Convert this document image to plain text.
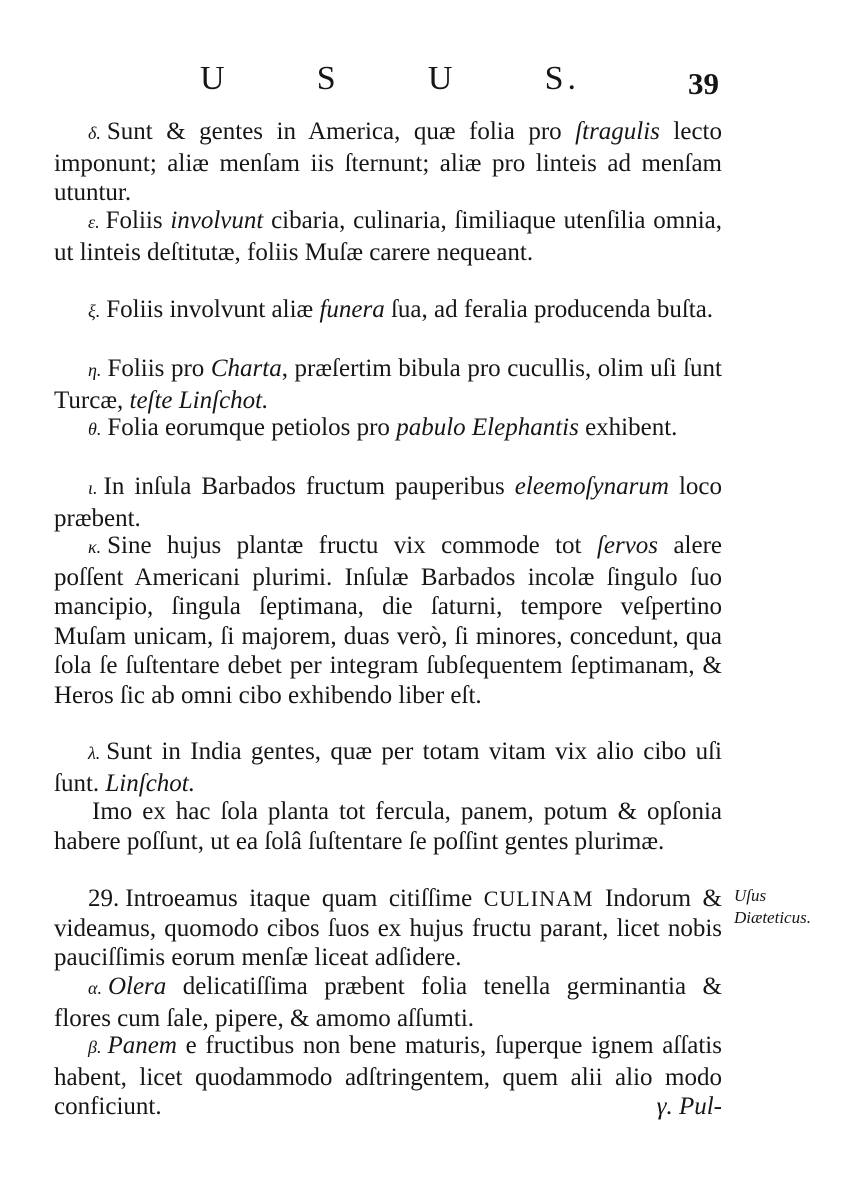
U	S	U	S.	39
δ. Sunt & gentes in America, quæ folia pro ſtragulis lecto imponunt; aliæ menſam iis ſternunt; aliæ pro linteis ad menſam utuntur.
ε. Foliis involvunt cibaria, culinaria, ſimiliaque utenſilia omnia, ut linteis deſtitutæ, foliis Muſæ carere nequeant.
ξ. Foliis involvunt aliæ funera ſua, ad feralia producenda buſta.
η. Foliis pro Charta, præſertim bibula pro cucullis, olim uſi ſunt Turcæ, teſte Linſchot.
θ. Folia eorumque petiolos pro pabulo Elephantis exhibent.
ι. In inſula Barbados fructum pauperibus eleemoſynarum loco præbent.
κ. Sine hujus plantæ fructu vix commode tot ſervos alere poſſent Americani plurimi. Inſulæ Barbados incolæ ſingulo ſuo mancipio, ſingula ſeptimana, die ſaturni, tempore veſpertino Muſam unicam, ſi majorem, duas verò, ſi minores, concedunt, qua ſola ſe ſuſtentare debet per integram ſubſequentem ſeptimanam, & Heros ſic ab omni cibo exhibendo liber eſt.
λ. Sunt in India gentes, quæ per totam vitam vix alio cibo uſi ſunt. Linſchot.
Imo ex hac ſola planta tot fercula, panem, potum & opſonia habere poſſunt, ut ea ſolâ ſuſtentare ſe poſſint gentes plurimæ.
29. Introeamus itaque quam citiſſime CULINAM Indorum & videamus, quomodo cibos ſuos ex hujus fructu parant, licet nobis pauciſſimis eorum menſæ liceat adſidere.
α. Olera delicatiſſima præbent folia tenella germinantia & flores cum ſale, pipere, & amomo aſſumti.
β. Panem e fructibus non bene maturis, ſuperque ignem aſſatis habent, licet quodammodo adſtringentem, quem alii alio modo conficiunt.	γ. Pul-
Uſus Diæteticus.
